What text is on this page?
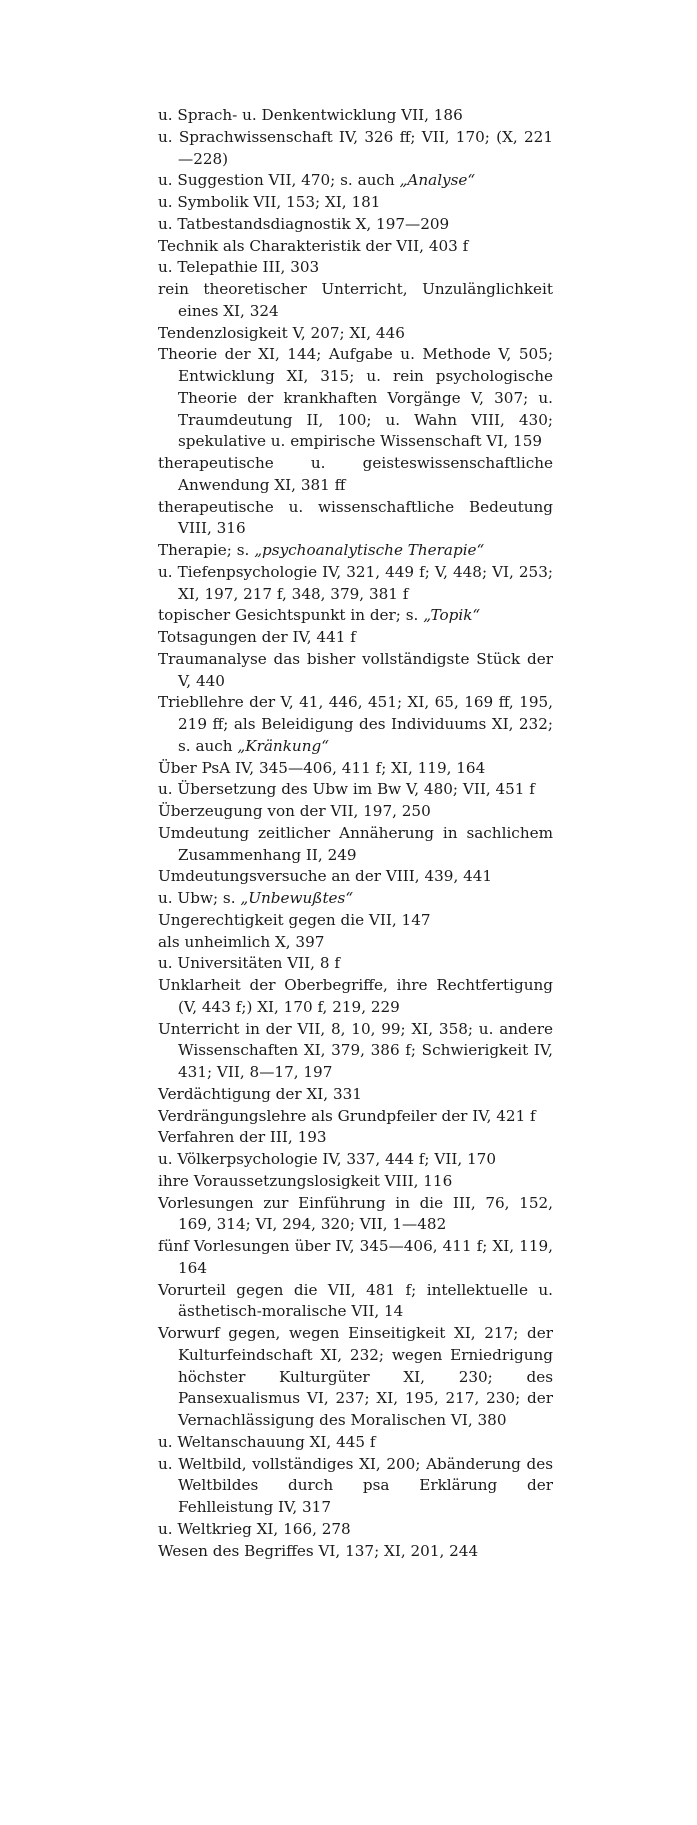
u. Sprach- u. Denkentwicklung VII, 186

u. Sprachwissenschaft IV, 326 ff; VII, 170; (X, 221—228)

u. Suggestion VII, 470; s. auch „Analyse“

u. Symbolik VII, 153; XI, 181

u. Tatbestandsdiagnostik X, 197—209

Technik als Charakteristik der VII, 403 f

u. Telepathie III, 303

rein theoretischer Unterricht, Unzulänglichkeit eines XI, 324

Tendenzlosigkeit V, 207; XI, 446

Theorie der XI, 144; Aufgabe u. Methode V, 505; Entwicklung XI, 315; u. rein psychologische Theorie der krankhaften Vorgänge V, 307; u. Traumdeutung II, 100; u. Wahn VIII, 430; spekulative u. empirische Wissenschaft VI, 159

therapeutische u. geisteswissenschaftliche Anwendung XI, 381 ff

therapeutische u. wissenschaftliche Bedeutung VIII, 316

Therapie; s. „psychoanalytische Therapie“

u. Tiefenpsychologie IV, 321, 449 f; V, 448; VI, 253; XI, 197, 217 f, 348, 379, 381 f

topischer Gesichtspunkt in der; s. „Topik“

Totsagungen der IV, 441 f

Traumanalyse das bisher vollständigste Stück der V, 440

Triebllehre der V, 41, 446, 451; XI, 65, 169 ff, 195, 219 ff; als Beleidigung des Individuums XI, 232; s. auch „Kränkung“

Über PsA IV, 345—406, 411 f; XI, 119, 164

u. Übersetzung des Ubw im Bw V, 480; VII, 451 f

Überzeugung von der VII, 197, 250

Umdeutung zeitlicher Annäherung in sachlichem Zusammenhang II, 249

Umdeutungsversuche an der VIII, 439, 441

u. Ubw; s. „Unbewußtes“

Ungerechtigkeit gegen die VII, 147

als unheimlich X, 397

u. Universitäten VII, 8 f

Unklarheit der Oberbegriffe, ihre Rechtfertigung (V, 443 f;) XI, 170 f, 219, 229

Unterricht in der VII, 8, 10, 99; XI, 358; u. andere Wissenschaften XI, 379, 386 f; Schwierigkeit IV, 431; VII, 8—17, 197

Verdächtigung der XI, 331

Verdrängungslehre als Grundpfeiler der IV, 421 f

Verfahren der III, 193

u. Völkerpsychologie IV, 337, 444 f; VII, 170

ihre Voraussetzungslosigkeit VIII, 116

Vorlesungen zur Einführung in die III, 76, 152, 169, 314; VI, 294, 320; VII, 1—482

fünf Vorlesungen über IV, 345—406, 411 f; XI, 119, 164

Vorurteil gegen die VII, 481 f; intellektuelle u. ästhetisch-moralische VII, 14

Vorwurf gegen, wegen Einseitigkeit XI, 217; der Kulturfeindschaft XI, 232; wegen Erniedrigung höchster Kulturgüter XI, 230; des Pansexualismus VI, 237; XI, 195, 217, 230; der Vernachlässigung des Moralischen VI, 380

u. Weltanschauung XI, 445 f

u. Weltbild, vollständiges XI, 200; Abänderung des Weltbildes durch psa Erklärung der Fehlleistung IV, 317

u. Weltkrieg XI, 166, 278

Wesen des Begriffes VI, 137; XI, 201, 244
